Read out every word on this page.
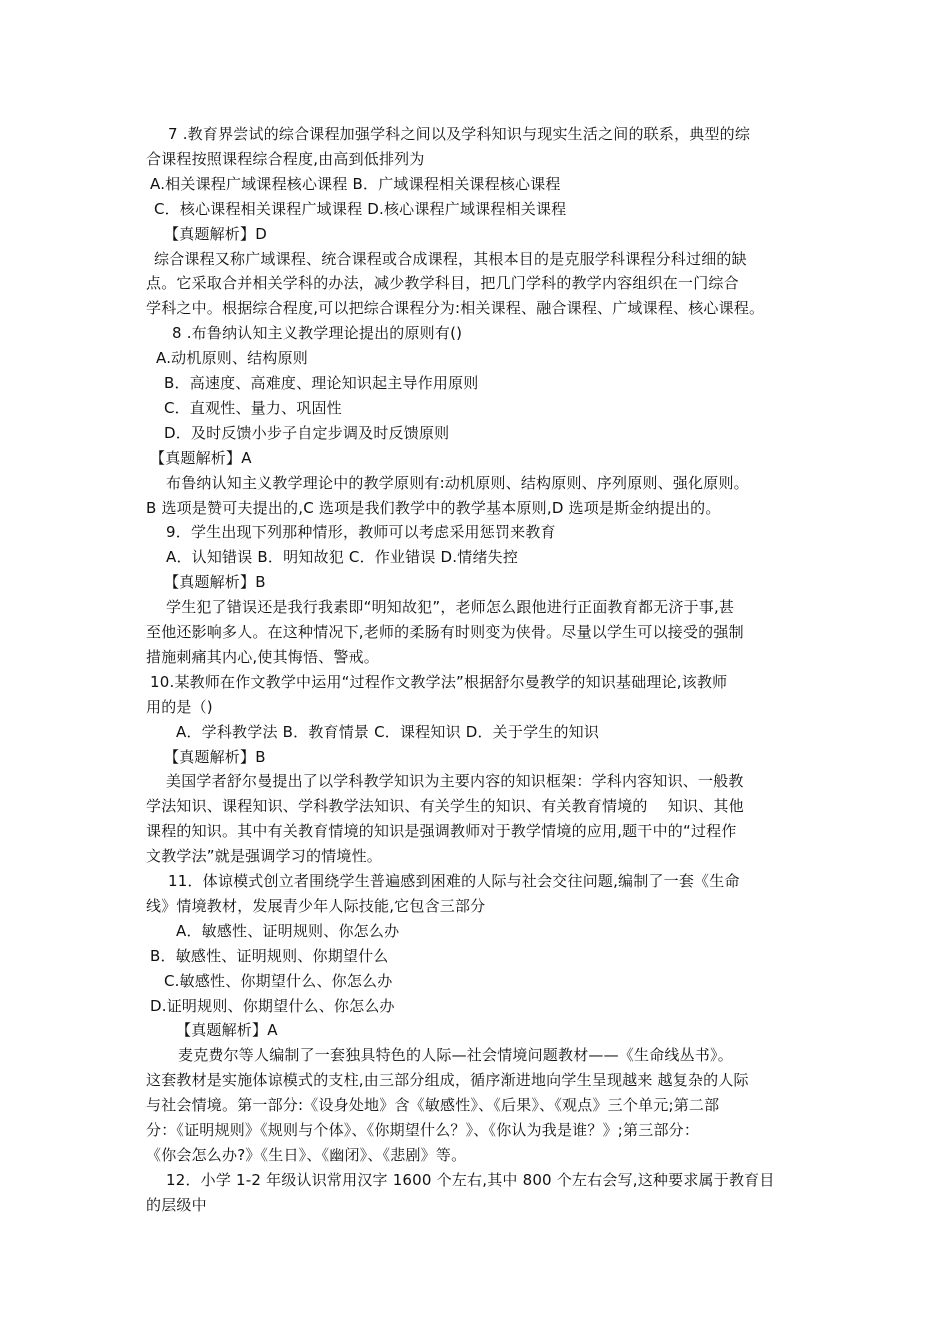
7 .教育界尝试的综合课程加强学科之间以及学科知识与现实生活之间的联系，典型的综
合课程按照课程综合程度,由高到低排列为
A.相关课程广域课程核心课程 B．广域课程相关课程核心课程
C．核心课程相关课程广域课程 D.核心课程广域课程相关课程
【真题解析】D
综合课程又称广域课程、统合课程或合成课程，其根本目的是克服学科课程分科过细的缺
点。它采取合并相关学科的办法，减少教学科目，把几门学科的教学内容组织在一门综合
学科之中。根据综合程度,可以把综合课程分为:相关课程、融合课程、广域课程、核心课程。
8 .布鲁纳认知主义教学理论提出的原则有()
A.动机原则、结构原则
B．高速度、高难度、理论知识起主导作用原则
C．直观性、量力、巩固性
D．及时反馈小步子自定步调及时反馈原则
【真题解析】A
布鲁纳认知主义教学理论中的教学原则有:动机原则、结构原则、序列原则、强化原则。
B 选项是赞可夫提出的,C 选项是我们教学中的教学基本原则,D 选项是斯金纳提出的。
9．学生出现下列那种情形，教师可以考虑采用惩罚来教育
A．认知错误 B．明知故犯 C．作业错误 D.情绪失控
【真题解析】B
学生犯了错误还是我行我素即“明知故犯”，老师怎么跟他进行正面教育都无济于事,甚
至他还影响多人。在这种情况下,老师的柔肠有时则变为侠骨。尽量以学生可以接受的强制
措施刺痛其内心,使其悔悟、警戒。
10.某教师在作文教学中运用“过程作文教学法”根据舒尔曼教学的知识基础理论,该教师
用的是（)
A．学科教学法 B．教育情景 C．课程知识 D．关于学生的知识
【真题解析】B
美国学者舒尔曼提出了以学科教学知识为主要内容的知识框架：学科内容知识、一般教
学法知识、课程知识、学科教学法知识、有关学生的知识、有关教育情境的　 知识、其他
课程的知识。其中有关教育情境的知识是强调教师对于教学情境的应用,题干中的“过程作
文教学法”就是强调学习的情境性。
11．体谅模式创立者围绕学生普遍感到困难的人际与社会交往问题,编制了一套《生命
线》情境教材，发展青少年人际技能,它包含三部分
A．敏感性、证明规则、你怎么办
B．敏感性、证明规则、你期望什么
C.敏感性、你期望什么、你怎么办
D.证明规则、你期望什么、你怎么办
【真题解析】A
麦克费尔等人编制了一套独具特色的人际—社会情境问题教材——《生命线丛书》。
这套教材是实施体谅模式的支柱,由三部分组成，循序渐进地向学生呈现越来 越复杂的人际
与社会情境。第一部分:《设身处地》含《敏感性》、《后果》、《观点》三个单元;第二部
分：《证明规则》《规则与个体》、《你期望什么？》、《你认为我是谁？》;第三部分：
《你会怎么办?》《生日》、《幽闭》、《悲剧》等。
12．小学 1-2 年级认识常用汉字 1600 个左右,其中 800 个左右会写,这种要求属于教育目
的层级中
